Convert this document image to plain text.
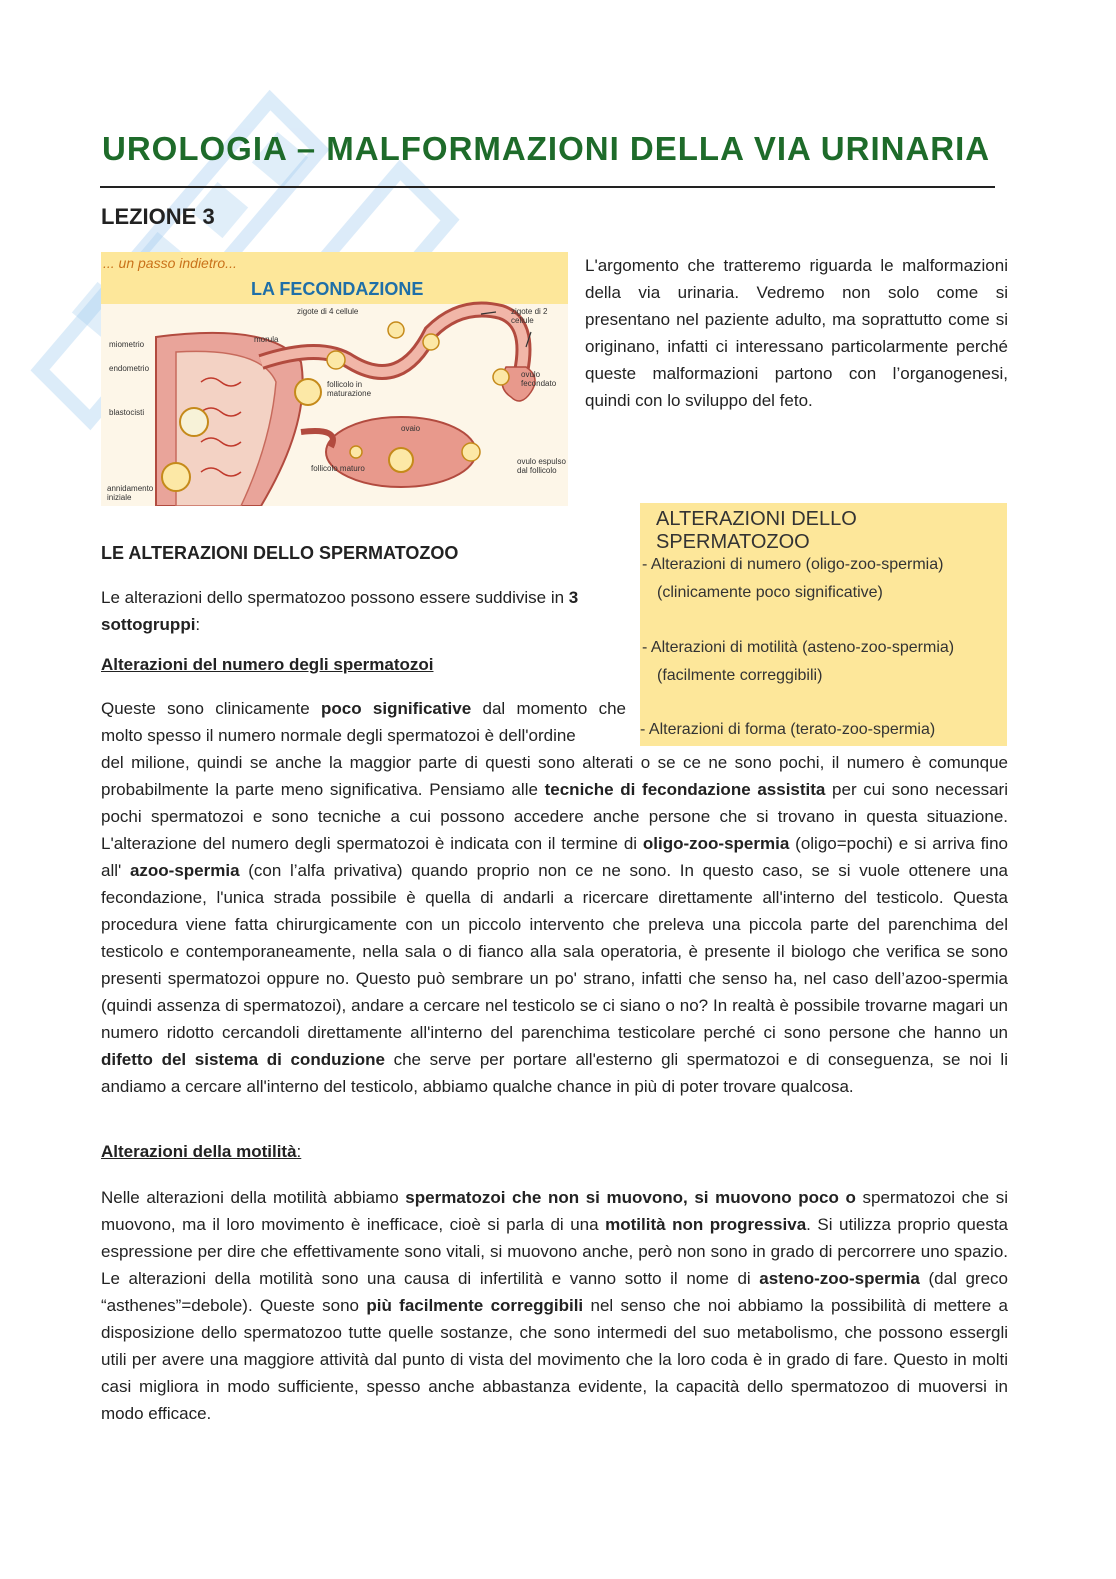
UROLOGIA – MALFORMAZIONI DELLA VIA URINARIA
LEZIONE 3
... un passo indietro...
LA FECONDAZIONE
zigote di 4 cellule	zigote di 2 cellule
miometrio
endometrio
morula
blastocisti
follicolo in maturazione
ovulo fecondato
ovaio
follicolo maturo
ovulo espulso dal follicolo
annidamento iniziale
L'argomento che tratteremo riguarda le malformazioni della via urinaria. Vedremo non solo come si presentano nel paziente adulto, ma soprattutto come si originano, infatti ci interessano particolarmente perché queste malformazioni partono con l’organogenesi, quindi con lo sviluppo del feto.
ALTERAZIONI DELLO SPERMATOZOO
- Alterazioni di numero (oligo-zoo-spermia)
(clinicamente poco significative)
- Alterazioni di motilità (asteno-zoo-spermia)
(facilmente correggibili)
- Alterazioni di forma (terato-zoo-spermia)
LE ALTERAZIONI DELLO SPERMATOZOO
Le alterazioni dello spermatozoo possono essere suddivise in 3 sottogruppi:
Alterazioni del numero degli spermatozoi
Queste sono clinicamente poco significative dal momento che molto spesso il numero normale degli spermatozoi è dell'ordine
del milione, quindi se anche la maggior parte di questi sono alterati o se ce ne sono pochi, il numero è comunque probabilmente la parte meno significativa. Pensiamo alle tecniche di fecondazione assistita per cui sono necessari pochi spermatozoi e sono tecniche a cui possono accedere anche persone che si trovano in questa situazione. L'alterazione del numero degli spermatozoi è indicata con il termine di oligo-zoo-spermia (oligo=pochi) e si arriva fino all' azoo-spermia (con l’alfa privativa) quando proprio non ce ne sono. In questo caso, se si vuole ottenere una fecondazione, l'unica strada possibile è quella di andarli a ricercare direttamente all'interno del testicolo. Questa procedura viene fatta chirurgicamente con un piccolo intervento che preleva una piccola parte del parenchima del testicolo e contemporaneamente, nella sala o di fianco alla sala operatoria, è presente il biologo che verifica se sono presenti spermatozoi oppure no. Questo può sembrare un po' strano, infatti che senso ha, nel caso dell’azoo-spermia (quindi assenza di spermatozoi), andare a cercare nel testicolo se ci siano o no? In realtà è possibile trovarne magari un numero ridotto cercandoli direttamente all'interno del parenchima testicolare perché ci sono persone che hanno un difetto del sistema di conduzione che serve per portare all'esterno gli spermatozoi e di conseguenza, se noi li andiamo a cercare all'interno del testicolo, abbiamo qualche chance in più di poter trovare qualcosa.
Alterazioni della motilità:
Nelle alterazioni della motilità abbiamo spermatozoi che non si muovono, si muovono poco o spermatozoi che si muovono, ma il loro movimento è inefficace, cioè si parla di una motilità non progressiva. Si utilizza proprio questa espressione per dire che effettivamente sono vitali, si muovono anche, però non sono in grado di percorrere uno spazio. Le alterazioni della motilità sono una causa di infertilità e vanno sotto il nome di asteno-zoo-spermia (dal greco “asthenes”=debole). Queste sono più facilmente correggibili nel senso che noi abbiamo la possibilità di mettere a disposizione dello spermatozoo tutte quelle sostanze, che sono intermedi del suo metabolismo, che possono essergli utili per avere una maggiore attività dal punto di vista del movimento che la loro coda è in grado di fare. Questo in molti casi migliora in modo sufficiente, spesso anche abbastanza evidente, la capacità dello spermatozoo di muoversi in modo efficace.
